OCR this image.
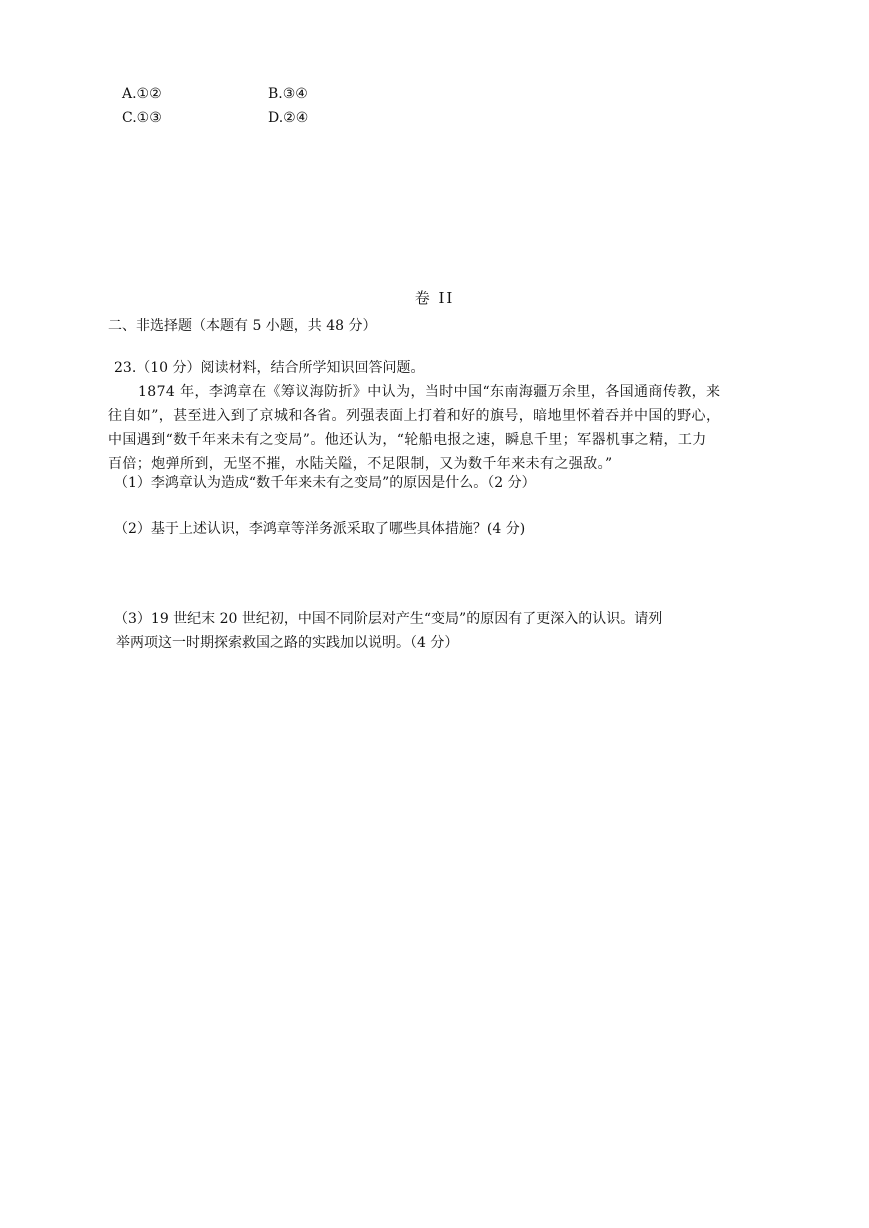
A.①②	B.③④
C.①③	D.②④
卷 II
二、非选择题（本题有 5 小题，共 48 分）
23.（10 分）阅读材料，结合所学知识回答问题。
1874 年，李鸿章在《筹议海防折》中认为，当时中国“东南海疆万余里，各国通商传教，来
往自如”，甚至进入到了京城和各省。列强表面上打着和好的旗号，暗地里怀着吞并中国的野心，
中国遇到“数千年来未有之变局”。他还认为，“轮船电报之速，瞬息千里；军器机事之精，工力
百倍；炮弹所到，无坚不摧，水陆关隘，不足限制，又为数千年来未有之强敌。”
（1）李鸿章认为造成“数千年来未有之变局”的原因是什么。（2 分）
（2）基于上述认识，李鸿章等洋务派采取了哪些具体措施？(4 分)
（3）19 世纪末 20 世纪初，中国不同阶层对产生“变局”的原因有了更深入的认识。请列
举两项这一时期探索救国之路的实践加以说明。（4 分）
